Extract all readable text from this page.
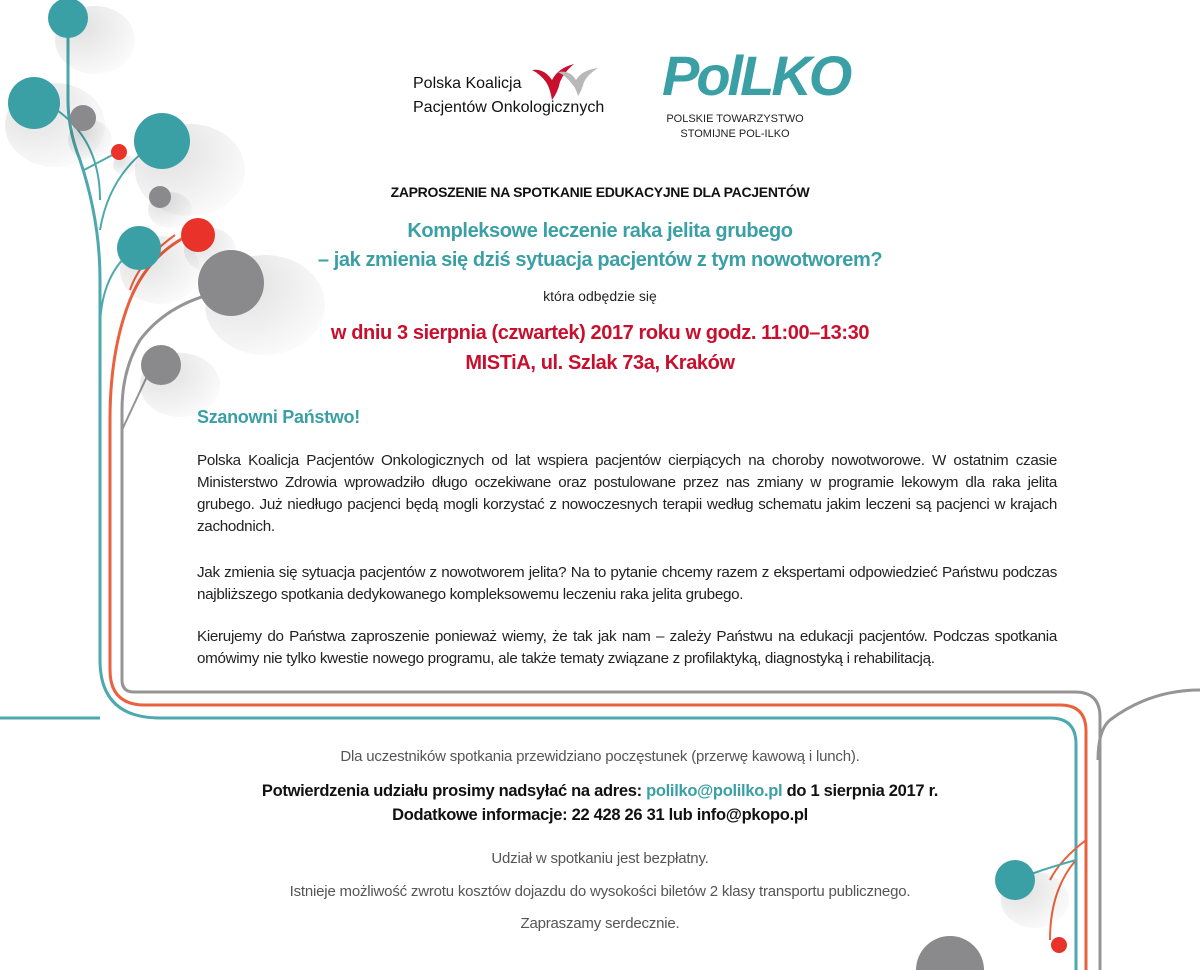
Polska Koalicja
Pacjentów Onkologicznych
PolLKO
POLSKIE TOWARZYSTWO
STOMIJNE POL-ILKO
ZAPROSZENIE NA SPOTKANIE EDUKACYJNE DLA PACJENTÓW
Kompleksowe leczenie raka jelita grubego
– jak zmienia się dziś sytuacja pacjentów z tym nowotworem?
która odbędzie się
w dniu 3 sierpnia (czwartek) 2017 roku w godz. 11:00–13:30
MISTiA, ul. Szlak 73a, Kraków
Szanowni Państwo!
Polska Koalicja Pacjentów Onkologicznych od lat wspiera pacjentów cierpiących na choroby nowotworowe. W ostatnim czasie Ministerstwo Zdrowia wprowadziło długo oczekiwane oraz postulowane przez nas zmiany w programie lekowym dla raka jelita grubego. Już niedługo pacjenci będą mogli korzystać z nowoczesnych terapii według schematu jakim leczeni są pacjenci w krajach zachodnich.
Jak zmienia się sytuacja pacjentów z nowotworem jelita? Na to pytanie chcemy razem z ekspertami odpowiedzieć Państwu podczas najbliższego spotkania dedykowanego kompleksowemu leczeniu raka jelita grubego.
Kierujemy do Państwa zaproszenie ponieważ wiemy, że tak jak nam – zależy Państwu na edukacji pacjentów. Podczas spotkania omówimy nie tylko kwestie nowego programu, ale także tematy związane z profilaktyką, diagnostyką i rehabilitacją.
Dla uczestników spotkania przewidziano poczęstunek (przerwę kawową i lunch).
Potwierdzenia udziału prosimy nadsyłać na adres: polilko@polilko.pl do 1 sierpnia 2017 r.
Dodatkowe informacje: 22 428 26 31 lub info@pkopo.pl
Udział w spotkaniu jest bezpłatny.
Istnieje możliwość zwrotu kosztów dojazdu do wysokości biletów 2 klasy transportu publicznego.
Zapraszamy serdecznie.
